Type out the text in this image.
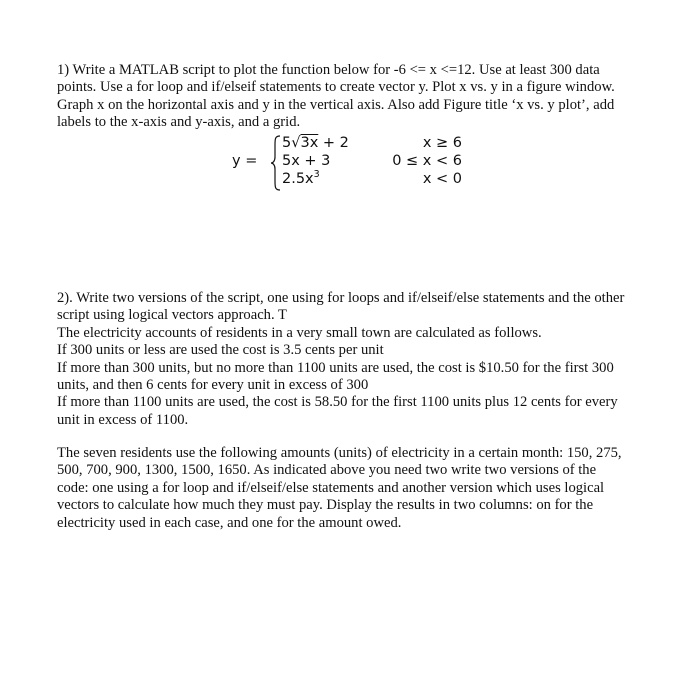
1) Write a MATLAB script to plot the function below for -6 <= x <=12. Use at least 300 data
points. Use a for loop and if/elseif statements to create vector y. Plot x vs. y in a figure window.
Graph x on the horizontal axis and y in the vertical axis. Also add Figure title ‘x vs. y plot’, add
labels to the x-axis and y-axis, and a grid.

y =
5√3x + 2	x ≥ 6
5x + 3	0 ≤ x < 6
$2.5x^3$	x < 0

2). Write two versions of the script, one using for loops and if/elseif/else statements and the other
script using logical vectors approach. T
The electricity accounts of residents in a very small town are calculated as follows.
If 300 units or less are used the cost is 3.5 cents per unit
If more than 300 units, but no more than 1100 units are used, the cost is $10.50 for the first 300
units, and then 6 cents for every unit in excess of 300
If more than 1100 units are used, the cost is 58.50 for the first 1100 units plus 12 cents for every
unit in excess of 1100.

The seven residents use the following amounts (units) of electricity in a certain month: 150, 275,
500, 700, 900, 1300, 1500, 1650. As indicated above you need two write two versions of the
code: one using a for loop and if/elseif/else statements and another version which uses logical
vectors to calculate how much they must pay. Display the results in two columns: on for the
electricity used in each case, and one for the amount owed.
